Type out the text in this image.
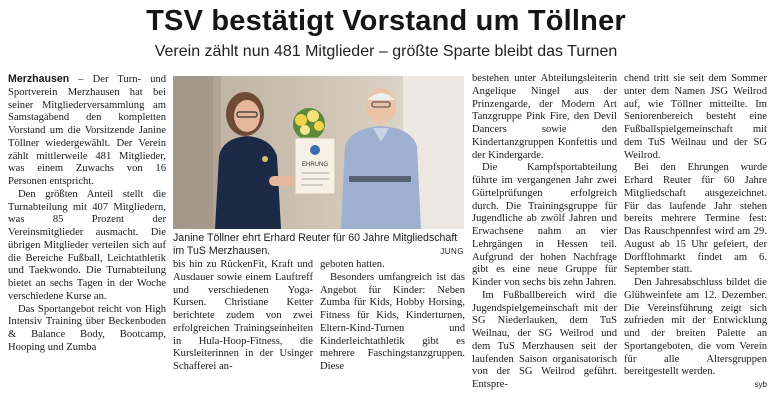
TSV bestätigt Vorstand um Töllner
Verein zählt nun 481 Mitglieder – größte Sparte bleibt das Turnen

Merzhausen – Der Turn- und Sportverein Merzhausen hat bei seiner Mitgliederversammlung am Samstagabend den kompletten Vorstand um die Vorsitzende Janine Töllner wiedergewählt. Der Verein zählt mittlerweile 481 Mitglieder, was einem Zuwachs von 16 Personen entspricht.

Den größten Anteil stellt die Turnabteilung mit 407 Mitgliedern, was 85 Prozent der Vereinsmitglieder ausmacht. Die übrigen Mitglieder verteilen sich auf die Bereiche Fußball, Leichtathletik und Taekwondo. Die Turnabteilung bietet an sechs Tagen in der Woche verschiedene Kurse an.

Das Sportangebot reicht von High Intensiv Training über Beckenboden & Balance Body, Bootcamp, Hooping und Zumba

EHRUNG
Janine Töllner ehrt Erhard Reuter für 60 Jahre Mitgliedschaft im TuS Merzhausen.	JUNG

bis hin zu RückenFit, Kraft und Ausdauer sowie einem Lauftreff und verschiedenen Yoga-Kursen. Christiane Ketter berichtete zudem von zwei erfolgreichen Trainingseinheiten in Hula-Hoop-Fitness, die Kursleiterinnen in der Usinger Schafferei an-

geboten hatten.

Besonders umfangreich ist das Angebot für Kinder: Neben Zumba für Kids, Hobby Horsing, Fitness für Kids, Kinderturnen, Eltern-Kind-Turnen und Kinderleichtathletik gibt es mehrere Faschingstanzgruppen. Diese

bestehen unter Abteilungsleiterin Angelique Ningel aus der Prinzengarde, der Modern Art Tanzgruppe Pink Fire, den Devil Dancers sowie den Kindertanzgruppen Konfettis und der Kindergarde.

Die Kampfsportabteilung führte im vergangenen Jahr zwei Gürtelprüfungen erfolgreich durch. Die Trainingsgruppe für Jugendliche ab zwölf Jahren und Erwachsene nahm an vier Lehrgängen in Hessen teil. Aufgrund der hohen Nachfrage gibt es eine neue Gruppe für Kinder von sechs bis zehn Jahren.

Im Fußballbereich wird die Jugendspielgemeinschaft mit der SG Niederlauken, dem TuS Weilnau, der SG Weilrod und dem TuS Merzhausen seit der laufenden Saison organisatorisch von der SG Weilrod geführt. Entspre-

chend tritt sie seit dem Sommer unter dem Namen JSG Weilrod auf, wie Töllner mitteilte. Im Seniorenbereich besteht eine Fußballspielgemeinschaft mit dem TuS Weilnau und der SG Weilrod.

Bei den Ehrungen wurde Erhard Reuter für 60 Jahre Mitgliedschaft ausgezeichnet. Für das laufende Jahr stehen bereits mehrere Termine fest: Das Rauschpennfest wird am 29. August ab 15 Uhr gefeiert, der Dorfflohmarkt findet am 6. September statt.

Den Jahresabschluss bildet die Glühweinfete am 12. Dezember. Die Vereinsführung zeigt sich zufrieden mit der Entwicklung und der breiten Palette an Sportangeboten, die vom Verein für alle Altersgruppen bereitgestellt werden.

syb
